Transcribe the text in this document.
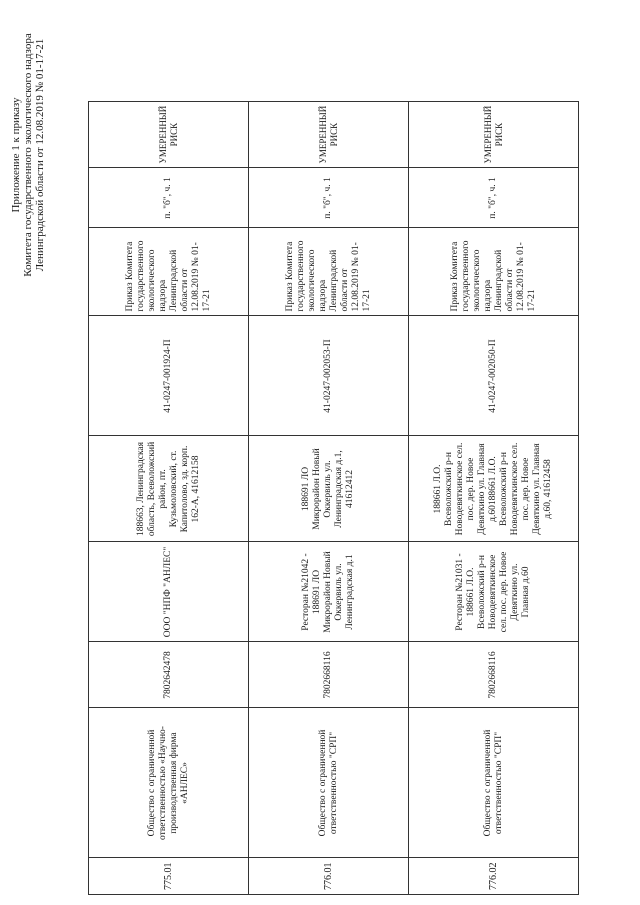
Приложение 1 к приказу Комитета государственного экологического надзора Ленинградской области от 12.08.2019 № 01-17-21
775.01	Общество с ограниченной ответственностью «Научно-производственная фирма «АНЛЕС»	7802642478	ООО "НПФ "АНЛЕС"	188663, Ленинградская область, Всеволожский район, пт. Кузьмоловский, ст. Капитолово, зд. корп. 162-А, 41612158	41-0247-001924-П	Приказ Комитета государственного экологического надзора Ленинградской области от 12.08.2019 № 01-17-21	п. "б", ч. 1	УМЕРЕННЫЙ РИСК
776.01	Общество с ограниченной ответственностью "СРП"	7802668116	Ресторан №21042 - 188691 ЛО Микрорайон Новый Оккервиль ул. Ленинградская д.1	188691 ЛО Микрорайон Новый Оккервиль ул. Ленинградская д.1, 41612412	41-0247-002053-П	Приказ Комитета государственного экологического надзора Ленинградской области от 12.08.2019 № 01-17-21	п. "б", ч. 1	УМЕРЕННЫЙ РИСК
776.02	Общество с ограниченной ответственностью "СРП"	7802668116	Ресторан №21031 - 188661 Л.О. Всеволожский р-н Новодевяткинское сел. пос. дер. Новое Девяткино ул. Главная д.60	188661 Л.О. Всеволожский р-н Новодевяткинское сел. пос. дер. Новое Девяткино ул. Главная д.60188661 Л.О. Всеволожский р-н Новодевяткинское сел. пос. дер. Новое Девяткино ул. Главная д.60, 41612458	41-0247-002050-П	Приказ Комитета государственного экологического надзора Ленинградской области от 12.08.2019 № 01-17-21	п. "б", ч. 1	УМЕРЕННЫЙ РИСК
